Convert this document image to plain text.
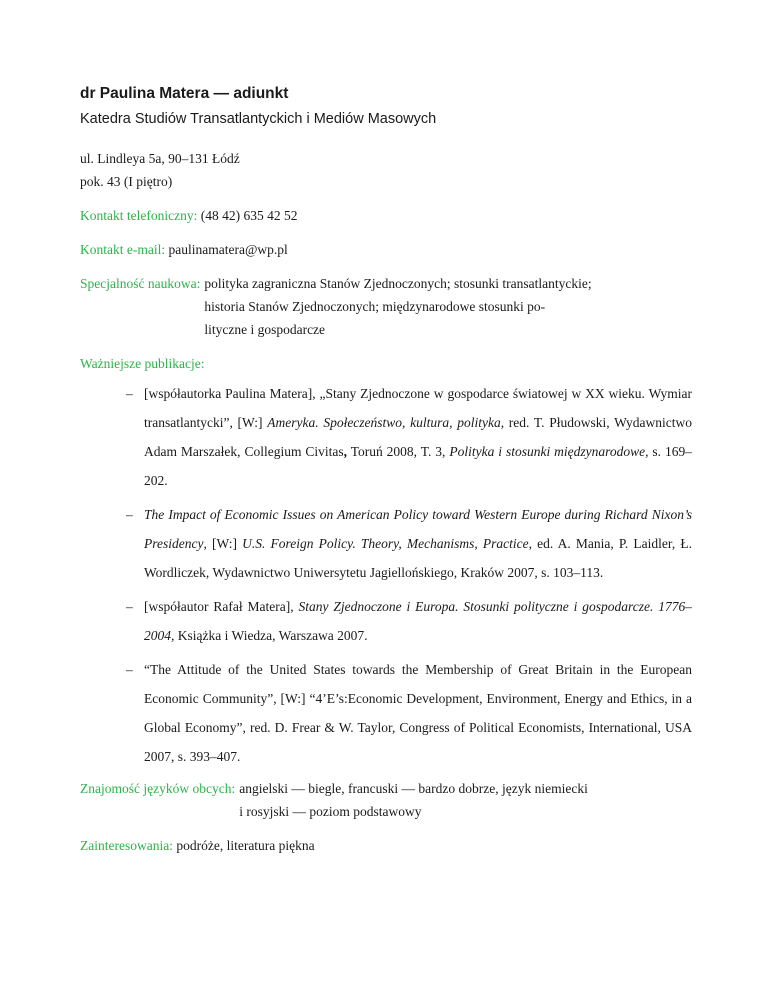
dr Paulina Matera — adiunkt
Katedra Studiów Transatlantyckich i Mediów Masowych
ul. Lindleya 5a, 90–131 Łódź
pok. 43 (I piętro)
Kontakt telefoniczny: (48 42) 635 42 52
Kontakt e-mail: paulinamatera@wp.pl
Specjalność naukowa: polityka zagraniczna Stanów Zjednoczonych; stosunki transatlantyckie;
historia Stanów Zjednoczonych; międzynarodowe stosunki po-
lityczne i gospodarcze
Ważniejsze publikacje:
– [współautorka Paulina Matera], „Stany Zjednoczone w gospodarce światowej w XX wieku. Wymiar transatlantycki”, [W:] Ameryka. Społeczeństwo, kultura, polityka, red. T. Płudowski, Wydawnictwo Adam Marszałek, Collegium Civitas, Toruń 2008, T. 3, Polityka i stosunki międzynarodowe, s. 169–202.
– The Impact of Economic Issues on American Policy toward Western Europe during Richard Nixon’s Presidency, [W:] U.S. Foreign Policy. Theory, Mechanisms, Practice, ed. A. Mania, P. Laidler, Ł. Wordliczek, Wydawnictwo Uniwersytetu Jagiellońskiego, Kraków 2007, s. 103–113.
– [współautor Rafał Matera], Stany Zjednoczone i Europa. Stosunki polityczne i gospodarcze. 1776–2004, Książka i Wiedza, Warszawa 2007.
– “The Attitude of the United States towards the Membership of Great Britain in the European Economic Community”, [W:] “4’E’s:Economic Development, Environment, Energy and Ethics, in a Global Economy”, red. D. Frear & W. Taylor, Congress of Political Economists, International, USA 2007, s. 393–407.
Znajomość języków obcych: angielski — biegle, francuski — bardzo dobrze, język niemiecki
i rosyjski — poziom podstawowy
Zainteresowania: podróże, literatura piękna
